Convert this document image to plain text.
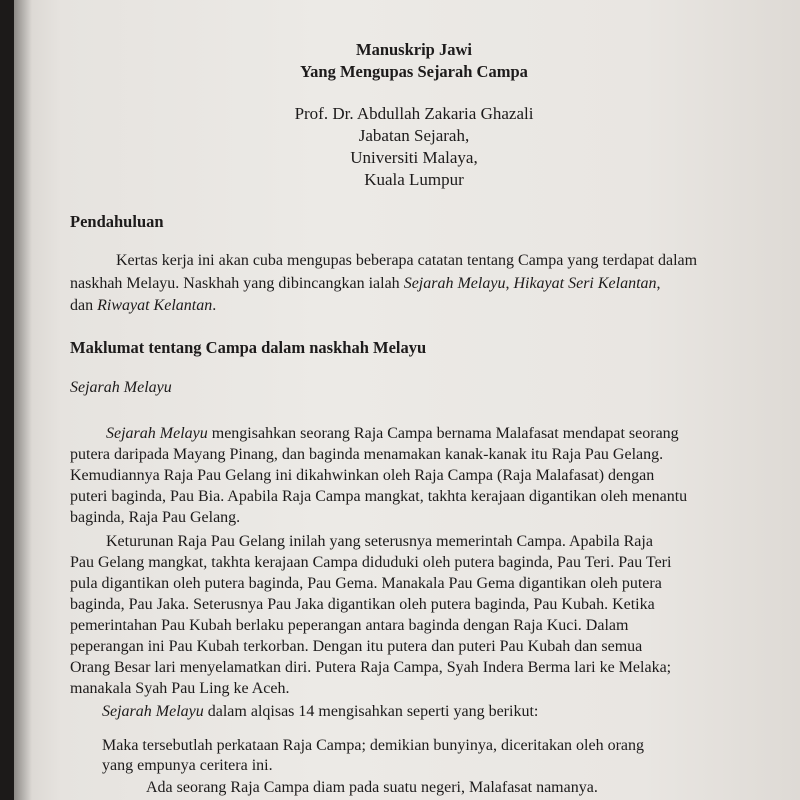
Manuskrip Jawi
Yang Mengupas Sejarah Campa
Prof. Dr. Abdullah Zakaria Ghazali
Jabatan Sejarah,
Universiti Malaya,
Kuala Lumpur
Pendahuluan
Kertas kerja ini akan cuba mengupas beberapa catatan tentang Campa yang terdapat dalam
naskhah Melayu. Naskhah yang dibincangkan ialah Sejarah Melayu, Hikayat Seri Kelantan,
dan Riwayat Kelantan.
Maklumat tentang Campa dalam naskhah Melayu
Sejarah Melayu
Sejarah Melayu mengisahkan seorang Raja Campa bernama Malafasat mendapat seorang
putera daripada Mayang Pinang, dan baginda menamakan kanak-kanak itu Raja Pau Gelang.
Kemudiannya Raja Pau Gelang ini dikahwinkan oleh Raja Campa (Raja Malafasat) dengan
puteri baginda, Pau Bia. Apabila Raja Campa mangkat, takhta kerajaan digantikan oleh menantu
baginda, Raja Pau Gelang.
Keturunan Raja Pau Gelang inilah yang seterusnya memerintah Campa. Apabila Raja
Pau Gelang mangkat, takhta kerajaan Campa diduduki oleh putera baginda, Pau Teri. Pau Teri
pula digantikan oleh putera baginda, Pau Gema. Manakala Pau Gema digantikan oleh putera
baginda, Pau Jaka. Seterusnya Pau Jaka digantikan oleh putera baginda, Pau Kubah. Ketika
pemerintahan Pau Kubah berlaku peperangan antara baginda dengan Raja Kuci. Dalam
peperangan ini Pau Kubah terkorban. Dengan itu putera dan puteri Pau Kubah dan semua
Orang Besar lari menyelamatkan diri. Putera Raja Campa, Syah Indera Berma lari ke Melaka;
manakala Syah Pau Ling ke Aceh.
Sejarah Melayu dalam alqisas 14 mengisahkan seperti yang berikut:
Maka tersebutlah perkataan Raja Campa; demikian bunyinya, diceritakan oleh orang
yang empunya ceritera ini.
Ada seorang Raja Campa diam pada suatu negeri, Malafasat namanya.
